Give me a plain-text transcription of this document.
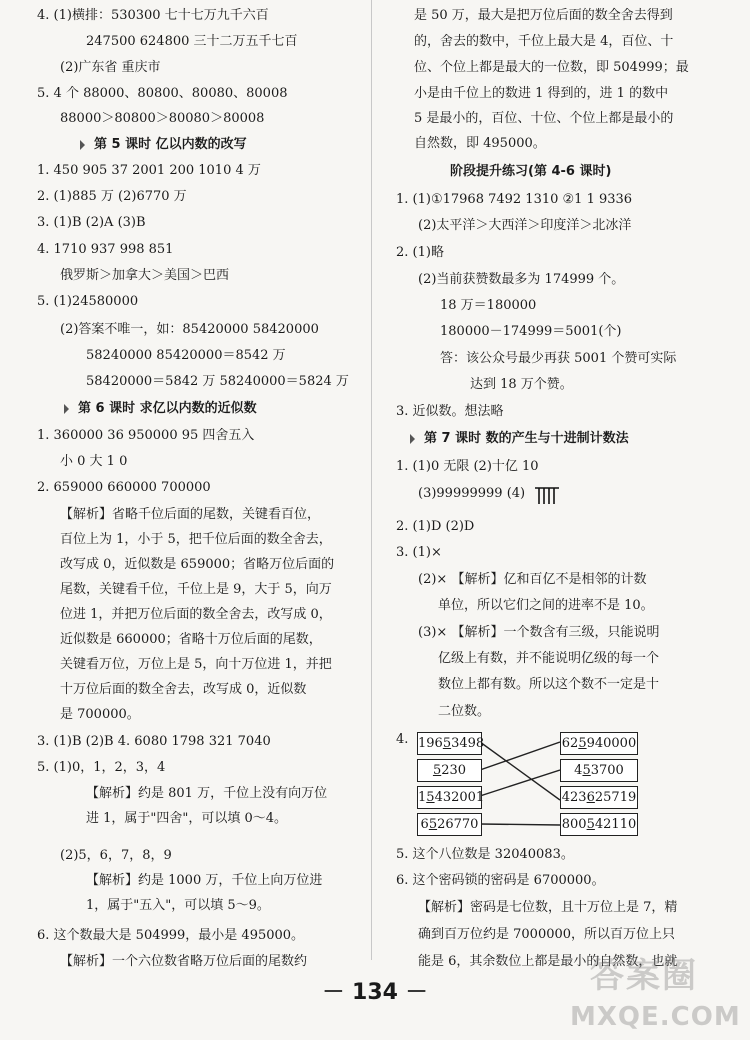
4. (1)横排：530300 七十七万九千六百
247500 624800 三十二万五千七百
(2)广东省 重庆市
5. 4 个 88000、80800、80080、80008
88000＞80800＞80080＞80008
第 5 课时 亿以内数的改写
1. 450 905 37 2001 200 1010 4 万
2. (1)885 万 (2)6770 万
3. (1)B (2)A (3)B
4. 1710 937 998 851
俄罗斯＞加拿大＞美国＞巴西
5. (1)24580000
(2)答案不唯一，如：85420000 58420000
58240000 85420000＝8542 万
58420000＝5842 万 58240000＝5824 万
第 6 课时 求亿以内数的近似数
1. 360000 36 950000 95 四舍五入
小 0 大 1 0
2. 659000 660000 700000
【解析】省略千位后面的尾数，关键看百位，
百位上为 1，小于 5，把千位后面的数全舍去，
改写成 0，近似数是 659000；省略万位后面的
尾数，关键看千位，千位上是 9，大于 5，向万
位进 1，并把万位后面的数全舍去，改写成 0，
近似数是 660000；省略十万位后面的尾数，
关键看万位，万位上是 5，向十万位进 1，并把
十万位后面的数全舍去，改写成 0，近似数
是 700000。
3. (1)B (2)B 4. 6080 1798 321 7040
5. (1)0，1，2，3，4
【解析】约是 801 万，千位上没有向万位
进 1，属于"四舍"，可以填 0～4。
(2)5，6，7，8，9
【解析】约是 1000 万，千位上向万位进
1，属于"五入"，可以填 5～9。
6. 这个数最大是 504999，最小是 495000。
【解析】一个六位数省略万位后面的尾数约
是 50 万，最大是把万位后面的数全舍去得到
的，舍去的数中，千位上最大是 4，百位、十
位、个位上都是最大的一位数，即 504999；最
小是由千位上的数进 1 得到的，进 1 的数中
5 是最小的，百位、十位、个位上都是最小的
自然数，即 495000。
阶段提升练习(第 4-6 课时)
1. (1)①17968 7492 1310 ②1 1 9336
(2)太平洋＞大西洋＞印度洋＞北冰洋
2. (1)略
(2)当前获赞数最多为 174999 个。
18 万＝180000
180000－174999＝5001(个)
答：该公众号最少再获 5001 个赞可实际
达到 18 万个赞。
3. 近似数。想法略
第 7 课时 数的产生与十进制计数法
1. (1)0 无限 (2)十亿 10
(3)99999999 (4)
2. (1)D (2)D
3. (1)×
(2)× 【解析】亿和百亿不是相邻的计数
单位，所以它们之间的进率不是 10。
(3)× 【解析】一个数含有三级，只能说明
亿级上有数，并不能说明亿级的每一个
数位上都有数。所以这个数不一定是十
二位数。
4. 19653498
5230
15432001
6526770
625940000
453700
423625719
800542110
5. 这个八位数是 32040083。
6. 这个密码锁的密码是 6700000。
【解析】密码是七位数，且十万位上是 7，精
确到百万位约是 7000000，所以百万位上只
能是 6，其余数位上都是最小的自然数，也就
－ 134 －	答案圈
MXQE.COM
